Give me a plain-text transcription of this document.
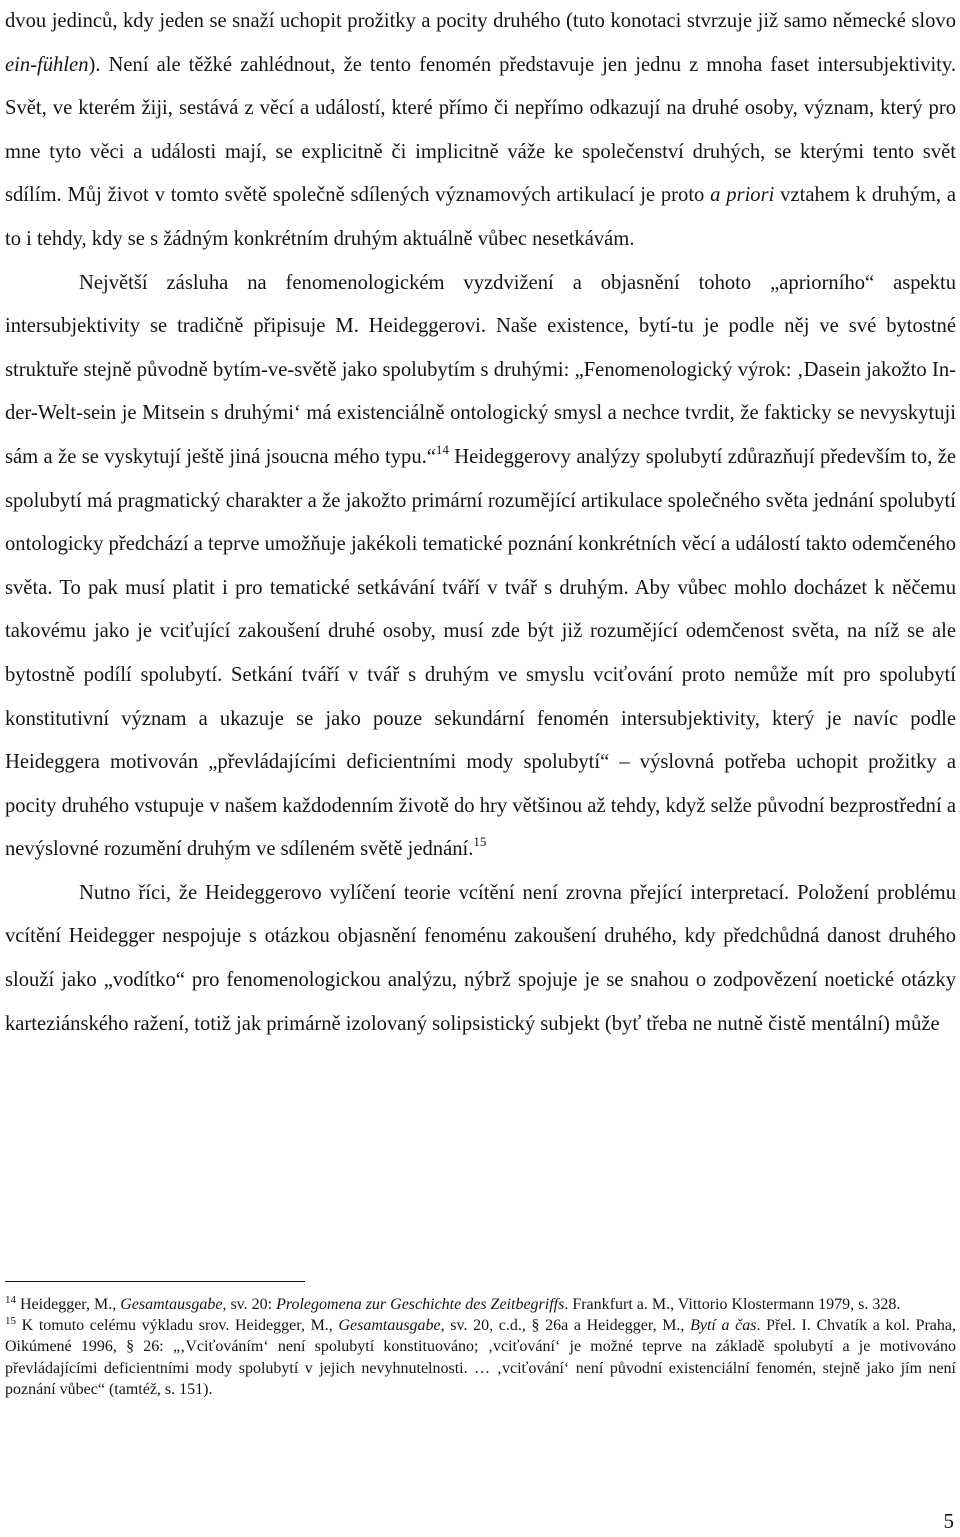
dvou jedinců, kdy jeden se snaží uchopit prožitky a pocity druhého (tuto konotaci stvrzuje již samo německé slovo ein-fühlen). Není ale těžké zahlédnout, že tento fenomén představuje jen jednu z mnoha faset intersubjektivity. Svět, ve kterém žiji, sestává z věcí a událostí, které přímo či nepřímo odkazují na druhé osoby, význam, který pro mne tyto věci a události mají, se explicitně či implicitně váže ke společenství druhých, se kterými tento svět sdílím. Můj život v tomto světě společně sdílených významových artikulací je proto a priori vztahem k druhým, a to i tehdy, kdy se s žádným konkrétním druhým aktuálně vůbec nesetkávám.

Největší zásluha na fenomenologickém vyzdvižení a objasnění tohoto „apriorního“ aspektu intersubjektivity se tradičně připisuje M. Heideggerovi. Naše existence, bytí-tu je podle něj ve své bytostné struktuře stejně původně bytím-ve-světě jako spolubytím s druhými: „Fenomenologický výrok: ‚Dasein jakožto In-der-Welt-sein je Mitsein s druhými‘ má existenciálně ontologický smysl a nechce tvrdit, že fakticky se nevyskytuji sám a že se vyskytují ještě jiná jsoucna mého typu.“$^{14}$ Heideggerovy analýzy spolubytí zdůrazňují především to, že spolubytí má pragmatický charakter a že jakožto primární rozumějící artikulace společného světa jednání spolubytí ontologicky předchází a teprve umožňuje jakékoli tematické poznání konkrétních věcí a událostí takto odemčeného světa. To pak musí platit i pro tematické setkávání tváří v tvář s druhým. Aby vůbec mohlo docházet k něčemu takovému jako je vciťující zakoušení druhé osoby, musí zde být již rozumějící odemčenost světa, na níž se ale bytostně podílí spolubytí. Setkání tváří v tvář s druhým ve smyslu vciťování proto nemůže mít pro spolubytí konstitutivní význam a ukazuje se jako pouze sekundární fenomén intersubjektivity, který je navíc podle Heideggera motivován „převládajícími deficientními mody spolubytí“ – výslovná potřeba uchopit prožitky a pocity druhého vstupuje v našem každodenním životě do hry většinou až tehdy, když selže původní bezprostřední a nevýslovné rozumění druhým ve sdíleném světě jednání.$^{15}$

Nutno říci, že Heideggerovo vylíčení teorie vcítění není zrovna přející interpretací. Položení problému vcítění Heidegger nespojuje s otázkou objasnění fenoménu zakoušení druhého, kdy předchůdná danost druhého slouží jako „vodítko“ pro fenomenologickou analýzu, nýbrž spojuje je se snahou o zodpovězení noetické otázky karteziánského ražení, totiž jak primárně izolovaný solipsistický subjekt (byť třeba ne nutně čistě mentální) může

$^{14}$ Heidegger, M., Gesamtausgabe, sv. 20: Prolegomena zur Geschichte des Zeitbegriffs. Frankfurt a. M., Vittorio Klostermann 1979, s. 328.

$^{15}$ K tomuto celému výkladu srov. Heidegger, M., Gesamtausgabe, sv. 20, c.d., § 26a a Heidegger, M., Bytí a čas. Přel. I. Chvatík a kol. Praha, Oikúmené 1996, § 26: „‚Vciťováním‘ není spolubytí konstituováno; ‚vciťování‘ je možné teprve na základě spolubytí a je motivováno převládajícími deficientními mody spolubytí v jejich nevyhnutelnosti. … ‚vciťování‘ není původní existenciální fenomén, stejně jako jím není poznání vůbec“ (tamtéž, s. 151).

5
